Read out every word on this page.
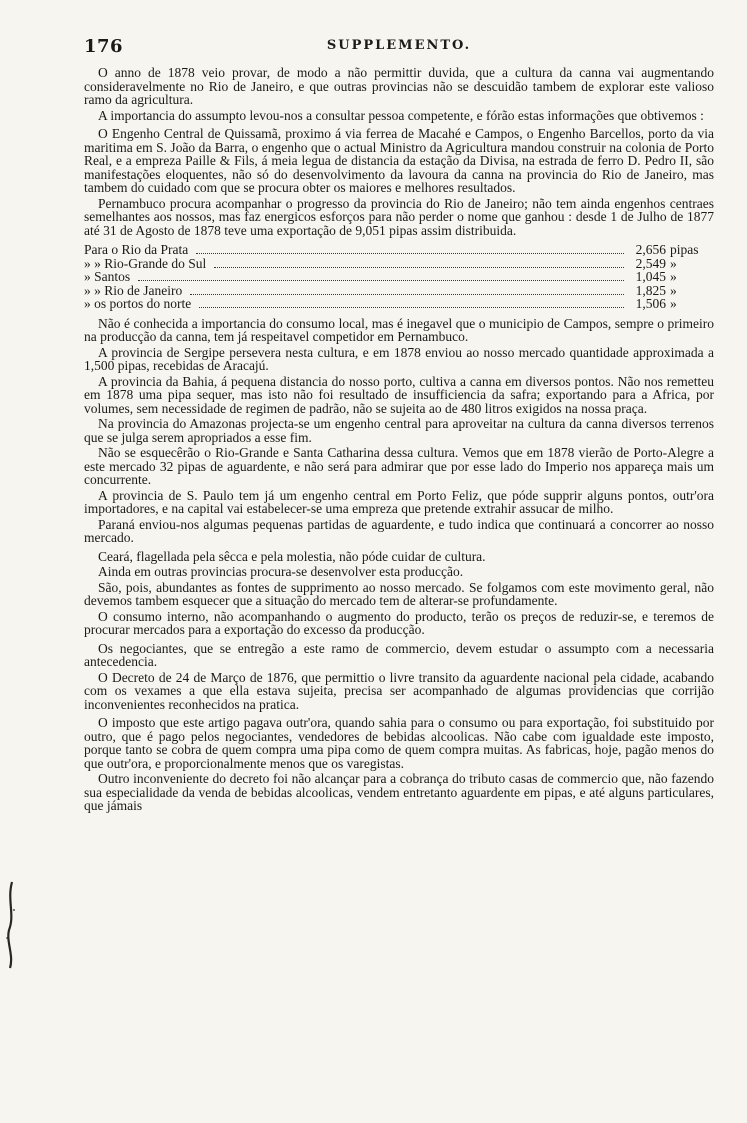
176	SUPPLEMENTO.

O anno de 1878 veio provar, de modo a não permittir duvida, que a cultura da canna vai augmentando consideravelmente no Rio de Janeiro, e que outras provincias não se descuidão tambem de explorar este valioso ramo da agricultura.

A importancia do assumpto levou-nos a consultar pessoa competente, e fórão estas informações que obtivemos :

O Engenho Central de Quissamã, proximo á via ferrea de Macahé e Campos, o Engenho Barcellos, porto da via maritima em S. João da Barra, o engenho que o actual Ministro da Agricultura mandou construir na colonia de Porto Real, e a empreza Paille & Fils, á meia legua de distancia da estação da Divisa, na estrada de ferro D. Pedro II, são manifestações eloquentes, não só do desenvolvimento da lavoura da canna na provincia do Rio de Janeiro, mas tambem do cuidado com que se procura obter os maiores e melhores resultados.

Pernambuco procura acompanhar o progresso da provincia do Rio de Janeiro; não tem ainda engenhos centraes semelhantes aos nossos, mas faz energicos esforços para não perder o nome que ganhou : desde 1 de Julho de 1877 até 31 de Agosto de 1878 teve uma exportação de 9,051 pipas assim distribuida.

Para o Rio da Prata	2,656 pipas
» » Rio-Grande do Sul	2,549 »
» Santos	1,045 »
» » Rio de Janeiro	1,825 »
» os portos do norte	1,506 »

Não é conhecida a importancia do consumo local, mas é inegavel que o municipio de Campos, sempre o primeiro na producção da canna, tem já respeitavel competidor em Pernambuco.

A provincia de Sergipe persevera nesta cultura, e em 1878 enviou ao nosso mercado quantidade approximada a 1,500 pipas, recebidas de Aracajú.

A provincia da Bahia, á pequena distancia do nosso porto, cultiva a canna em diversos pontos. Não nos remetteu em 1878 uma pipa sequer, mas isto não foi resultado de insufficiencia da safra; exportando para a Africa, por volumes, sem necessidade de regimen de padrão, não se sujeita ao de 480 litros exigidos na nossa praça.

Na provincia do Amazonas projecta-se um engenho central para aproveitar na cultura da canna diversos terrenos que se julga serem apropriados a esse fim.

Não se esquecêrão o Rio-Grande e Santa Catharina dessa cultura. Vemos que em 1878 vierão de Porto-Alegre a este mercado 32 pipas de aguardente, e não será para admirar que por esse lado do Imperio nos appareça mais um concurrente.

A provincia de S. Paulo tem já um engenho central em Porto Feliz, que póde supprir alguns pontos, outr'ora importadores, e na capital vai estabelecer-se uma empreza que pretende extrahir assucar de milho.

Paraná enviou-nos algumas pequenas partidas de aguardente, e tudo indica que continuará a concorrer ao nosso mercado.

Ceará, flagellada pela sêcca e pela molestia, não póde cuidar de cultura.

Ainda em outras provincias procura-se desenvolver esta producção.

São, pois, abundantes as fontes de supprimento ao nosso mercado. Se folgamos com este movimento geral, não devemos tambem esquecer que a situação do mercado tem de alterar-se profundamente.

O consumo interno, não acompanhando o augmento do producto, terão os preços de reduzir-se, e teremos de procurar mercados para a exportação do excesso da producção.

Os negociantes, que se entregão a este ramo de commercio, devem estudar o assumpto com a necessaria antecedencia.

O Decreto de 24 de Março de 1876, que permittio o livre transito da aguardente nacional pela cidade, acabando com os vexames a que ella estava sujeita, precisa ser acompanhado de algumas providencias que corrijão inconvenientes reconhecidos na pratica.

O imposto que este artigo pagava outr'ora, quando sahia para o consumo ou para exportação, foi substituido por outro, que é pago pelos negociantes, vendedores de bebidas alcoolicas. Não cabe com igualdade este imposto, porque tanto se cobra de quem compra uma pipa como de quem compra muitas. As fabricas, hoje, pagão menos do que outr'ora, e proporcionalmente menos que os varegistas.

Outro inconveniente do decreto foi não alcançar para a cobrança do tributo casas de commercio que, não fazendo sua especialidade da venda de bebidas alcoolicas, vendem entretanto aguardente em pipas, e até alguns particulares, que jámais
